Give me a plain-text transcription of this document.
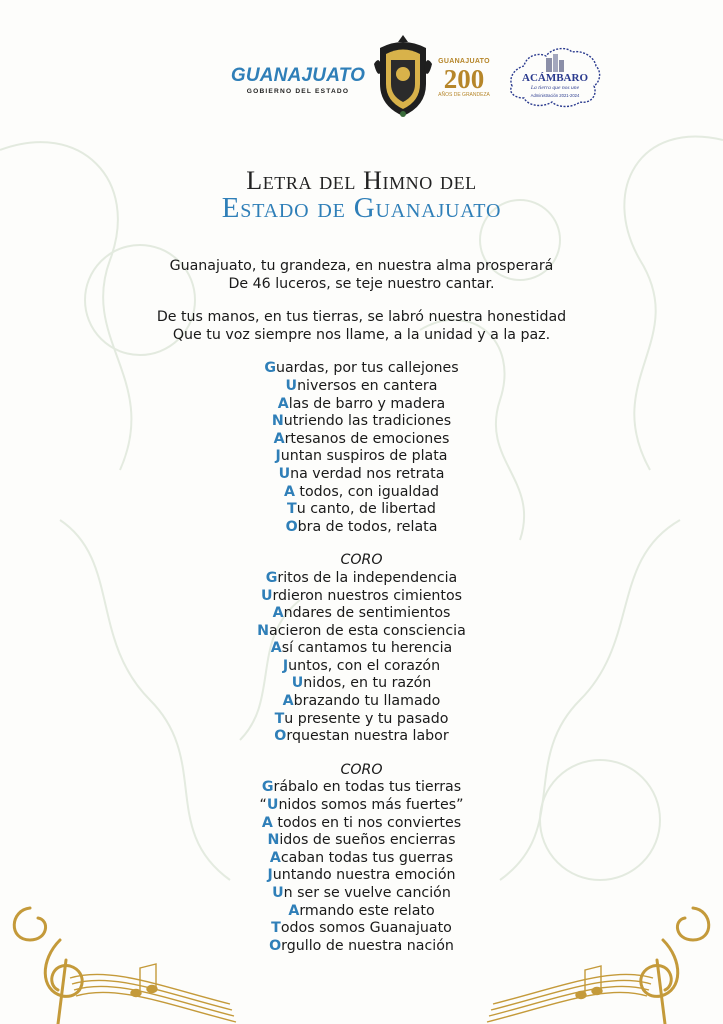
GUANAJUATO
GOBIERNO DEL ESTADO
GUANAJUATO
200
AÑOS DE GRANDEZA
ACÁMBARO
La tierra que nos une
Administración 2021-2024
Letra del Himno del
Estado de Guanajuato
Guanajuato, tu grandeza, en nuestra alma prosperará
De 46 luceros, se teje nuestro cantar.
De tus manos, en tus tierras, se labró nuestra honestidad
Que tu voz siempre nos llame, a la unidad y a la paz.
Guardas, por tus callejones
Universos en cantera
Alas de barro y madera
Nutriendo las tradiciones
Artesanos de emociones
Juntan suspiros de plata
Una verdad nos retrata
A todos, con igualdad
Tu canto, de libertad
Obra de todos, relata
CORO
Gritos de la independencia
Urdieron nuestros cimientos
Andares de sentimientos
Nacieron de esta consciencia
Así cantamos tu herencia
Juntos, con el corazón
Unidos, en tu razón
Abrazando tu llamado
Tu presente y tu pasado
Orquestan nuestra labor
CORO
Grábalo en todas tus tierras
“Unidos somos más fuertes”
A todos en ti nos conviertes
Nidos de sueños encierras
Acaban todas tus guerras
Juntando nuestra emoción
Un ser se vuelve canción
Armando este relato
Todos somos Guanajuato
Orgullo de nuestra nación
